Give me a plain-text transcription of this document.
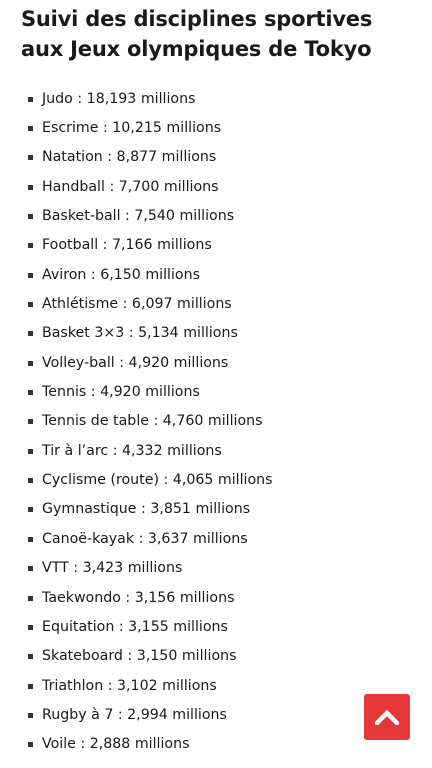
Suivi des disciplines sportives aux Jeux olympiques de Tokyo
Judo : 18,193 millions
Escrime : 10,215 millions
Natation : 8,877 millions
Handball : 7,700 millions
Basket-ball : 7,540 millions
Football : 7,166 millions
Aviron : 6,150 millions
Athlétisme : 6,097 millions
Basket 3×3 : 5,134 millions
Volley-ball : 4,920 millions
Tennis : 4,920 millions
Tennis de table : 4,760 millions
Tir à l’arc : 4,332 millions
Cyclisme (route) : 4,065 millions
Gymnastique : 3,851 millions
Canoë-kayak : 3,637 millions
VTT : 3,423 millions
Taekwondo : 3,156 millions
Equitation : 3,155 millions
Skateboard : 3,150 millions
Triathlon : 3,102 millions
Rugby à 7 : 2,994 millions
Voile : 2,888 millions
